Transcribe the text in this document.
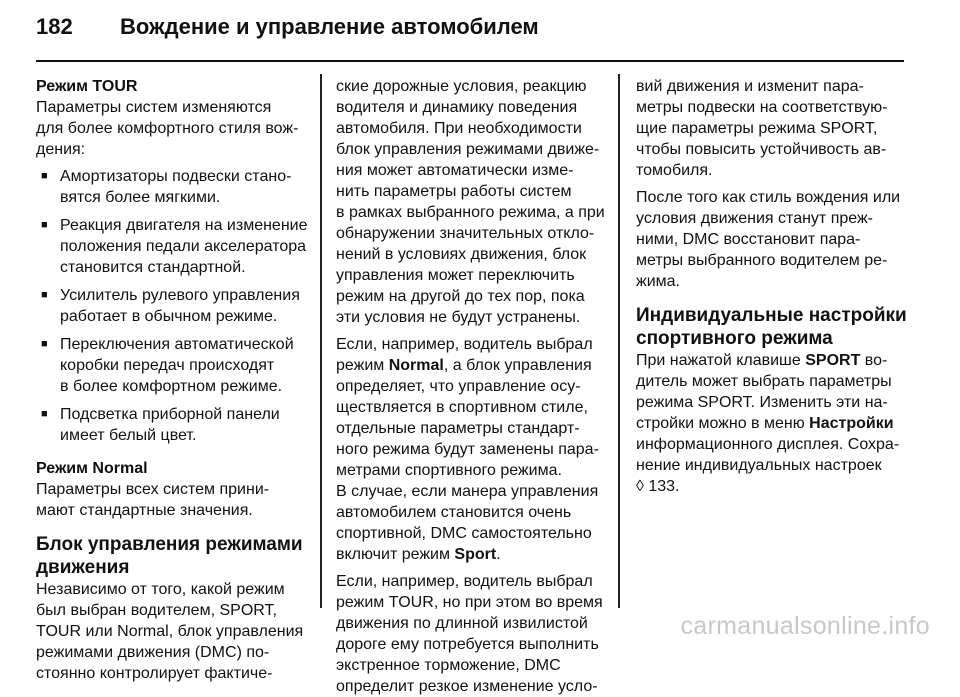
182 Вождение и управление автомобилем
Режим TOUR

Параметры систем изменяются
для более комфортного стиля вож-
дения:

■ Амортизаторы подвески стано-
вятся более мягкими.
■ Реакция двигателя на изменение
положения педали акселератора
становится стандартной.
■ Усилитель рулевого управления
работает в обычном режиме.
■ Переключения автоматической
коробки передач происходят
в более комфортном режиме.
■ Подсветка приборной панели
имеет белый цвет.
Режим Normal

Параметры всех систем прини-
мают стандартные значения.

Блок управления режимами
движения

Независимо от того, какой режим
был выбран водителем, SPORT,
TOUR или Normal, блок управления
режимами движения (DMC) по-
стоянно контролирует фактиче-

ские дорожные условия, реакцию
водителя и динамику поведения
автомобиля. При необходимости
блок управления режимами движе-
ния может автоматически изме-
нить параметры работы систем
в рамках выбранного режима, а при
обнаружении значительных откло-
нений в условиях движения, блок
управления может переключить
режим на другой до тех пор, пока
эти условия не будут устранены.

Если, например, водитель выбрал
режим Normal, а блок управления
определяет, что управление осу-
ществляется в спортивном стиле,
отдельные параметры стандарт-
ного режима будут заменены пара-
метрами спортивного режима.

В случае, если манера управления
автомобилем становится очень
спортивной, DMC самостоятельно
включит режим Sport.

Если, например, водитель выбрал
режим TOUR, но при этом во время
движения по длинной извилистой
дороге ему потребуется выполнить
экстренное торможение, DMC
определит резкое изменение усло-

вий движения и изменит пара-
метры подвески на соответствую-
щие параметры режима SPORT,
чтобы повысить устойчивость ав-
томобиля.

После того как стиль вождения или
условия движения станут преж-
ними, DMC восстановит пара-
метры выбранного водителем ре-
жима.

Индивидуальные настройки
спортивного режима

При нажатой клавише SPORT во-
дитель может выбрать параметры
режима SPORT. Изменить эти на-
стройки можно в меню Настройки
информационного дисплея. Сохра-
нение индивидуальных настроек
◊ 133.

carmanualsonline.info
